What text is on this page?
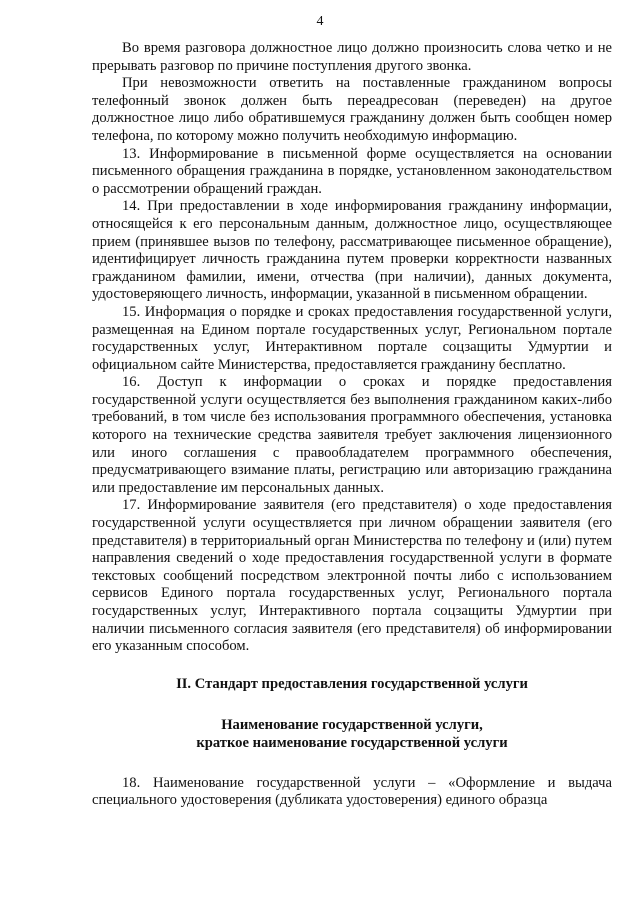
4

Во время разговора должностное лицо должно произносить слова четко и не прерывать разговор по причине поступления другого звонка.

При невозможности ответить на поставленные гражданином вопросы телефонный звонок должен быть переадресован (переведен) на другое должностное лицо либо обратившемуся гражданину должен быть сообщен номер телефона, по которому можно получить необходимую информацию.

13. Информирование в письменной форме осуществляется на основании письменного обращения гражданина в порядке, установленном законодательством о рассмотрении обращений граждан.

14. При предоставлении в ходе информирования гражданину информации, относящейся к его персональным данным, должностное лицо, осуществляющее прием (принявшее вызов по телефону, рассматривающее письменное обращение), идентифицирует личность гражданина путем проверки корректности названных гражданином фамилии, имени, отчества (при наличии), данных документа, удостоверяющего личность, информации, указанной в письменном обращении.

15. Информация о порядке и сроках предоставления государственной услуги, размещенная на Едином портале государственных услуг, Региональном портале государственных услуг, Интерактивном портале соцзащиты Удмуртии и официальном сайте Министерства, предоставляется гражданину бесплатно.

16. Доступ к информации о сроках и порядке предоставления государственной услуги осуществляется без выполнения гражданином каких-либо требований, в том числе без использования программного обеспечения, установка которого на технические средства заявителя требует заключения лицензионного или иного соглашения с правообладателем программного обеспечения, предусматривающего взимание платы, регистрацию или авторизацию гражданина или предоставление им персональных данных.

17. Информирование заявителя (его представителя) о ходе предоставления государственной услуги осуществляется при личном обращении заявителя (его представителя) в территориальный орган Министерства по телефону и (или) путем направления сведений о ходе предоставления государственной услуги в формате текстовых сообщений посредством электронной почты либо с использованием сервисов Единого портала государственных услуг, Регионального портала государственных услуг, Интерактивного портала соцзащиты Удмуртии при наличии письменного согласия заявителя (его представителя) об информировании его указанным способом.

II. Стандарт предоставления государственной услуги
Наименование государственной услуги,
краткое наименование государственной услуги

18. Наименование государственной услуги – «Оформление и выдача специального удостоверения (дубликата удостоверения) единого образца
